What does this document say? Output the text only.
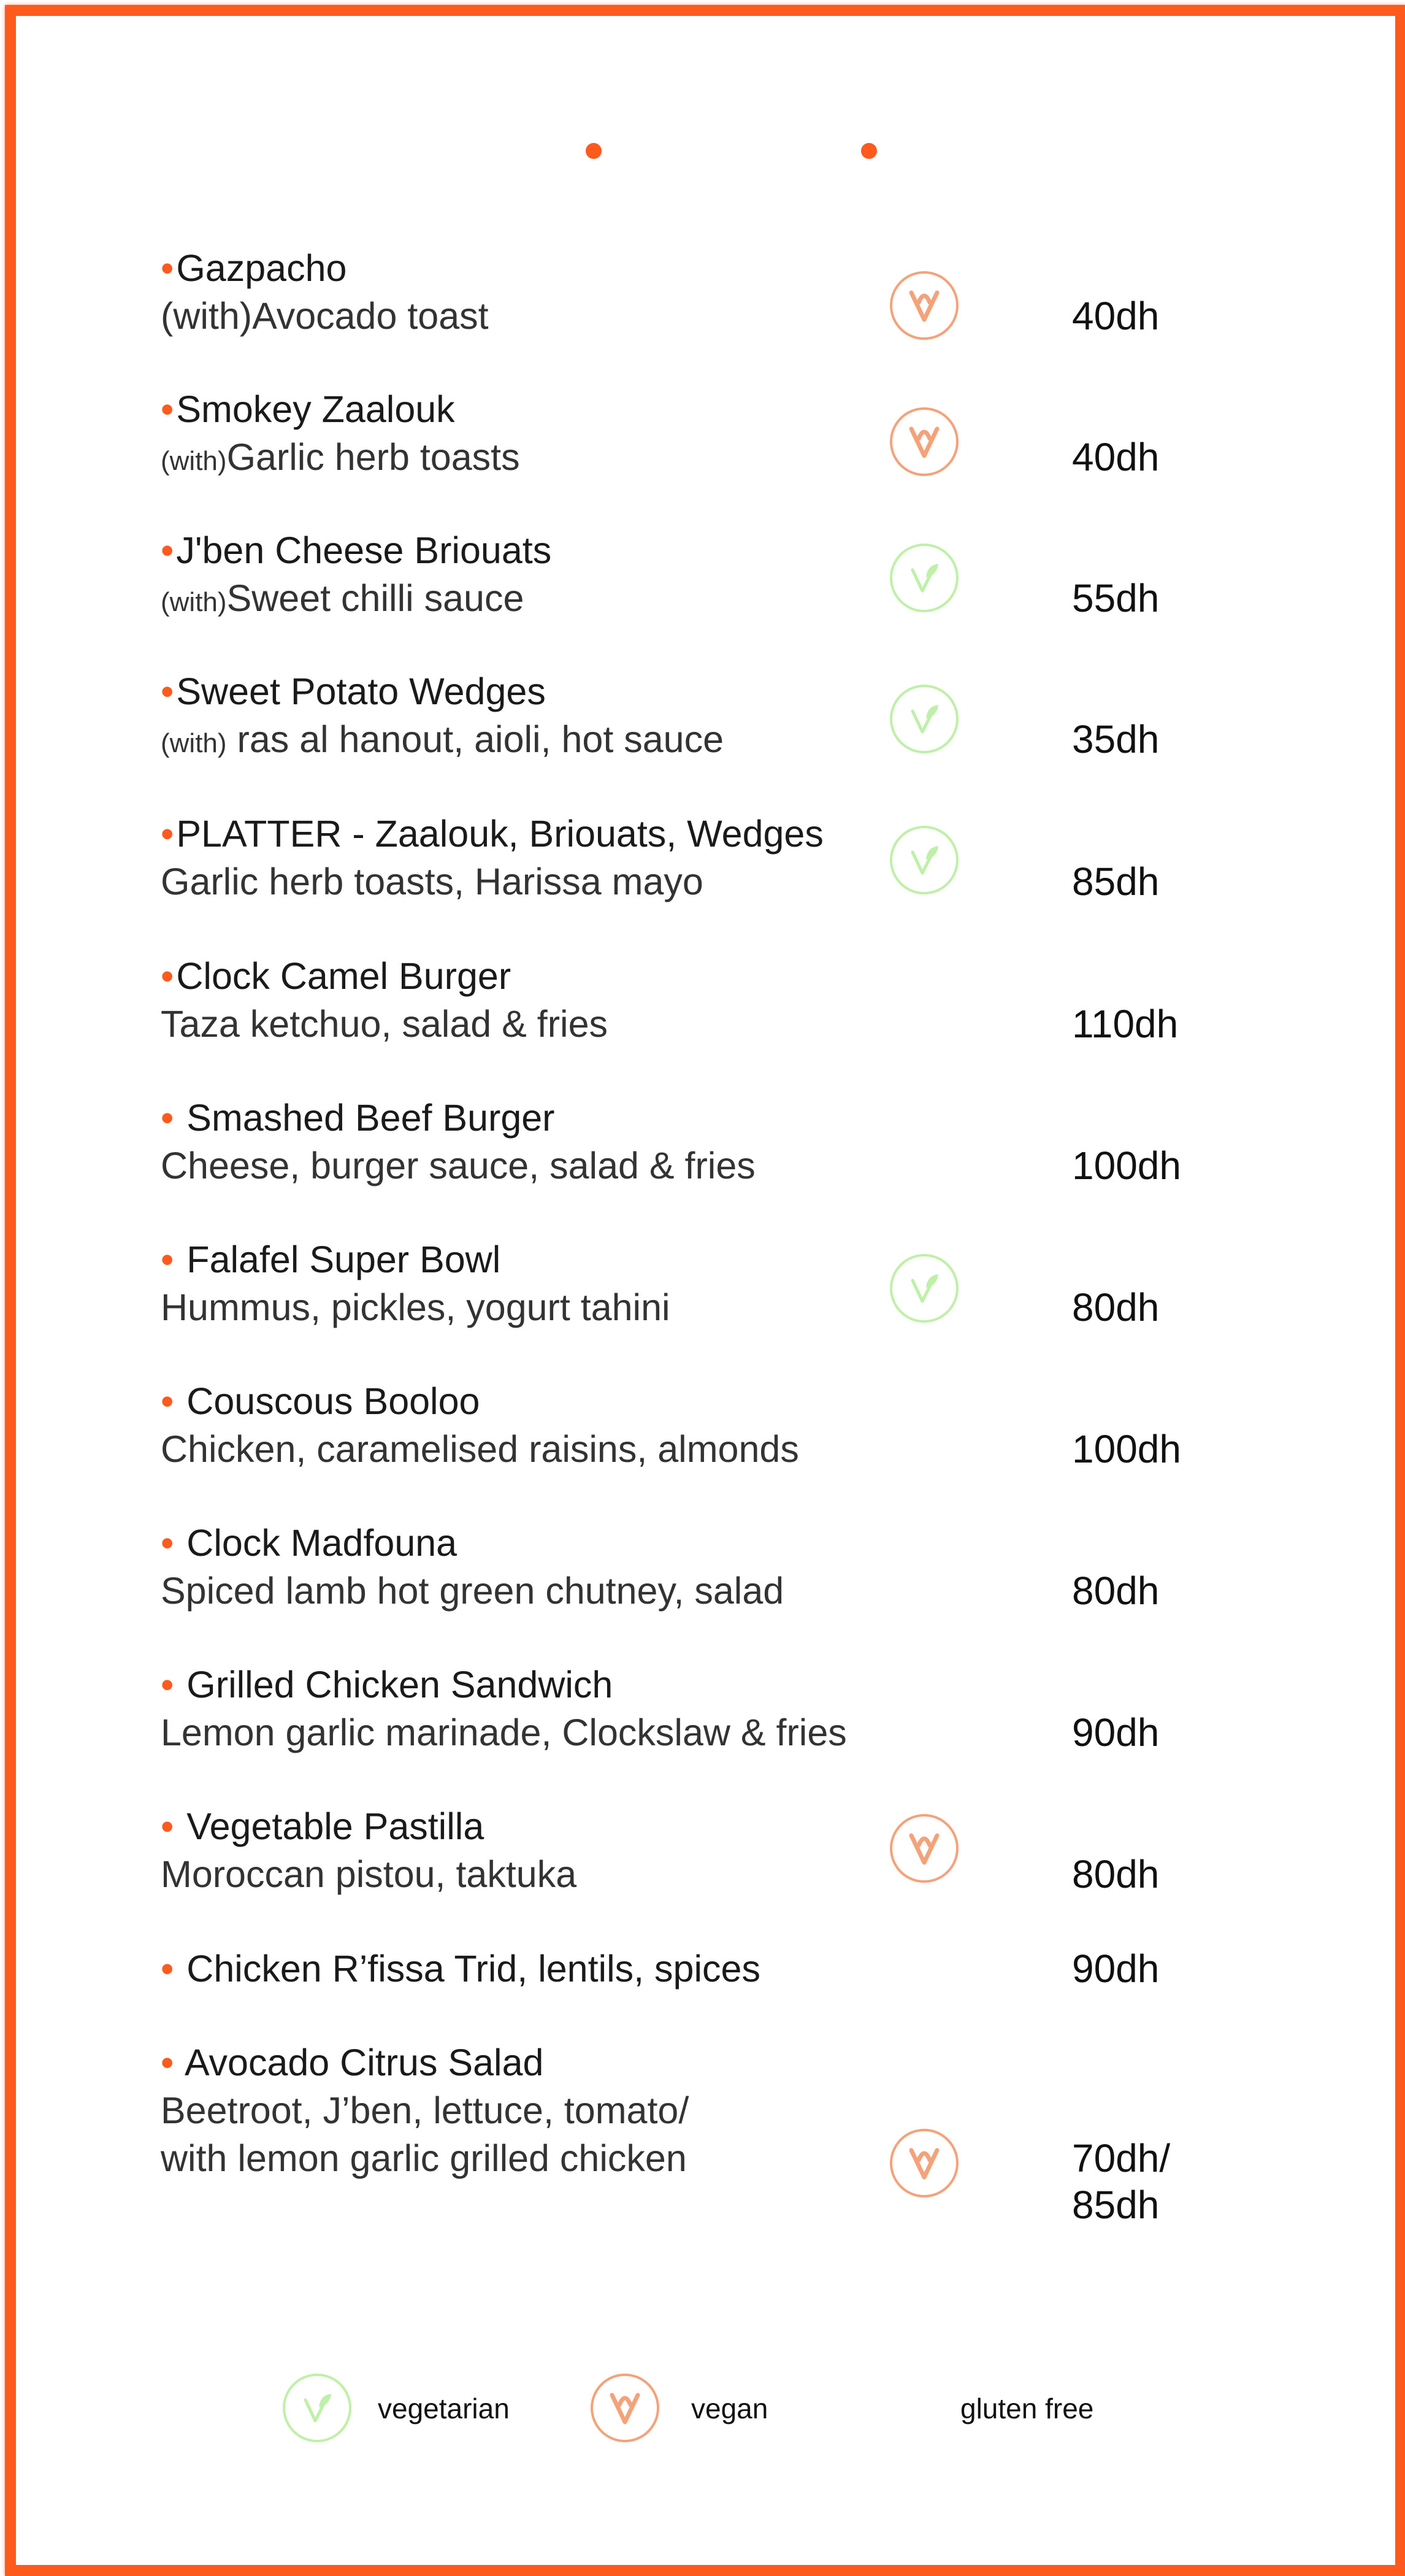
•Gazpacho
(with)Avocado toast	40dh
•Smokey Zaalouk
(with)Garlic herb toasts	40dh
•J'ben Cheese Briouats
(with)Sweet chilli sauce	55dh
•Sweet Potato Wedges
(with) ras al hanout, aioli, hot sauce	35dh
•PLATTER - Zaalouk, Briouats, Wedges
Garlic herb toasts, Harissa mayo	85dh
•Clock Camel Burger
Taza ketchuo, salad & fries	110dh
• Smashed Beef Burger
Cheese, burger sauce, salad & fries	100dh
• Falafel Super Bowl
Hummus, pickles, yogurt tahini	80dh
• Couscous Booloo
Chicken, caramelised raisins, almonds	100dh
• Clock Madfouna
Spiced lamb hot green chutney, salad	80dh
• Grilled Chicken Sandwich
Lemon garlic marinade, Clockslaw & fries	90dh
• Vegetable Pastilla
Moroccan pistou, taktuka	80dh
• Chicken R’fissa Trid, lentils, spices	90dh
• Avocado Citrus Salad
Beetroot, J’ben, lettuce, tomato/
with lemon garlic grilled chicken	70dh/
85dh
vegetarian	vegan	gluten free
